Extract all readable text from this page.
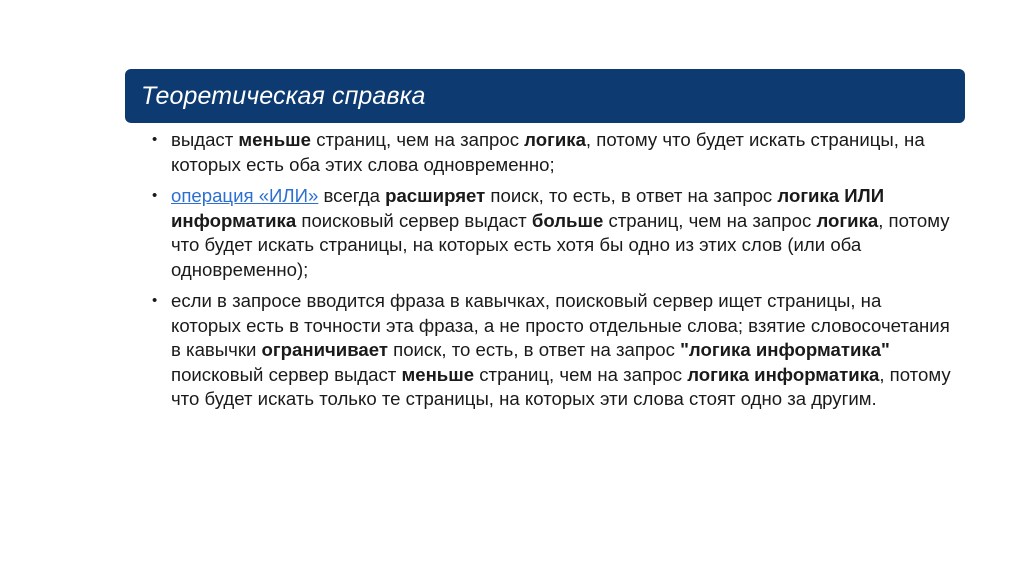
Теоретическая справка
• выдаст меньше страниц, чем на запрос логика, потому что будет искать страницы, на которых есть оба этих слова одновременно;
• операция «ИЛИ» всегда расширяет поиск, то есть, в ответ на запрос логика ИЛИ информатика поисковый сервер выдаст больше страниц, чем на запрос логика, потому что будет искать страницы, на которых есть хотя бы одно из этих слов (или оба одновременно);
• если в запросе вводится фраза в кавычках, поисковый сервер ищет страницы, на которых есть в точности эта фраза, а не просто отдельные слова; взятие словосочетания в кавычки ограничивает поиск, то есть, в ответ на запрос "логика информатика" поисковый сервер выдаст меньше страниц, чем на запрос логика информатика, потому что будет искать только те страницы, на которых эти слова стоят одно за другим.
